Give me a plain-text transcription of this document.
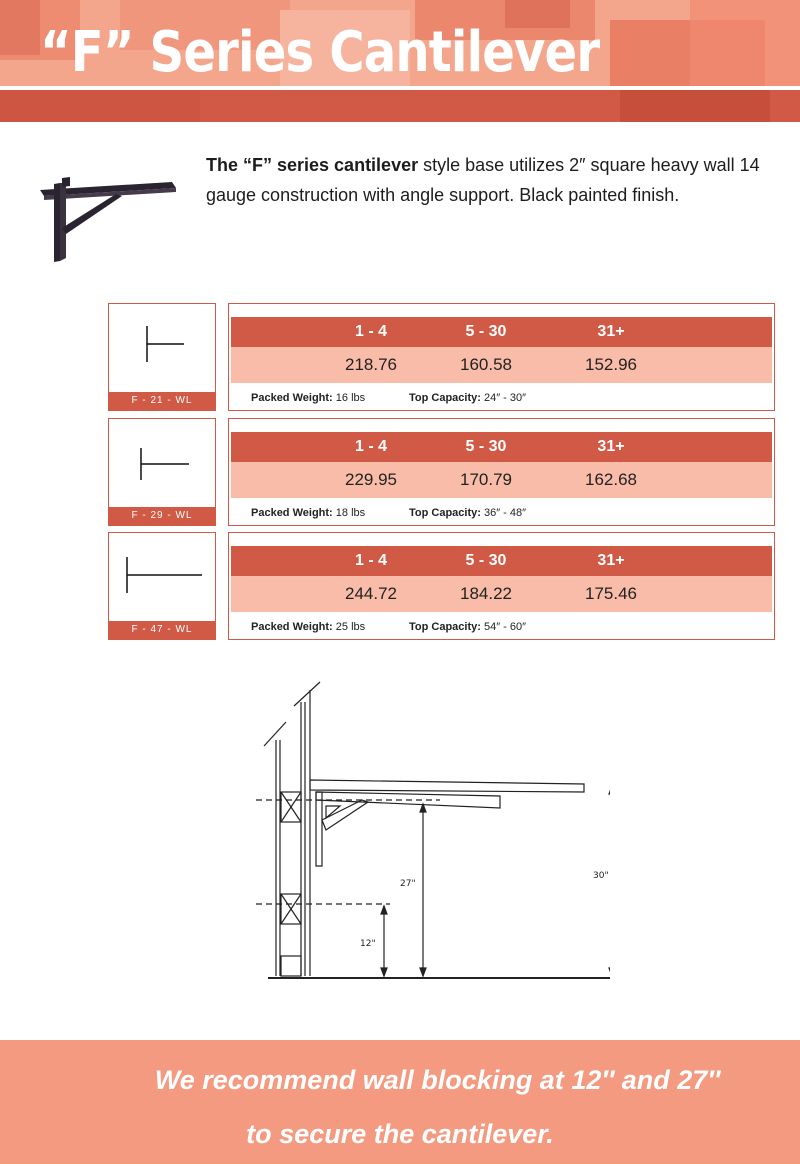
“F” Series Cantilever
The “F” series cantilever style base utilizes 2″ square heavy wall 14 gauge construction with angle support. Black painted finish.
F - 21 - WL
1 - 4	5 - 30	31+
218.76	160.58	152.96
Packed Weight: 16 lbs	Top Capacity: 24″ - 30″
F - 29 - WL
1 - 4	5 - 30	31+
229.95	170.79	162.68
Packed Weight: 18 lbs	Top Capacity: 36″ - 48″
F - 47 - WL
1 - 4	5 - 30	31+
244.72	184.22	175.46
Packed Weight: 25 lbs	Top Capacity: 54″ - 60″
27"
12"
30"

We recommend wall blocking at 12″ and 27″

to secure the cantilever.
